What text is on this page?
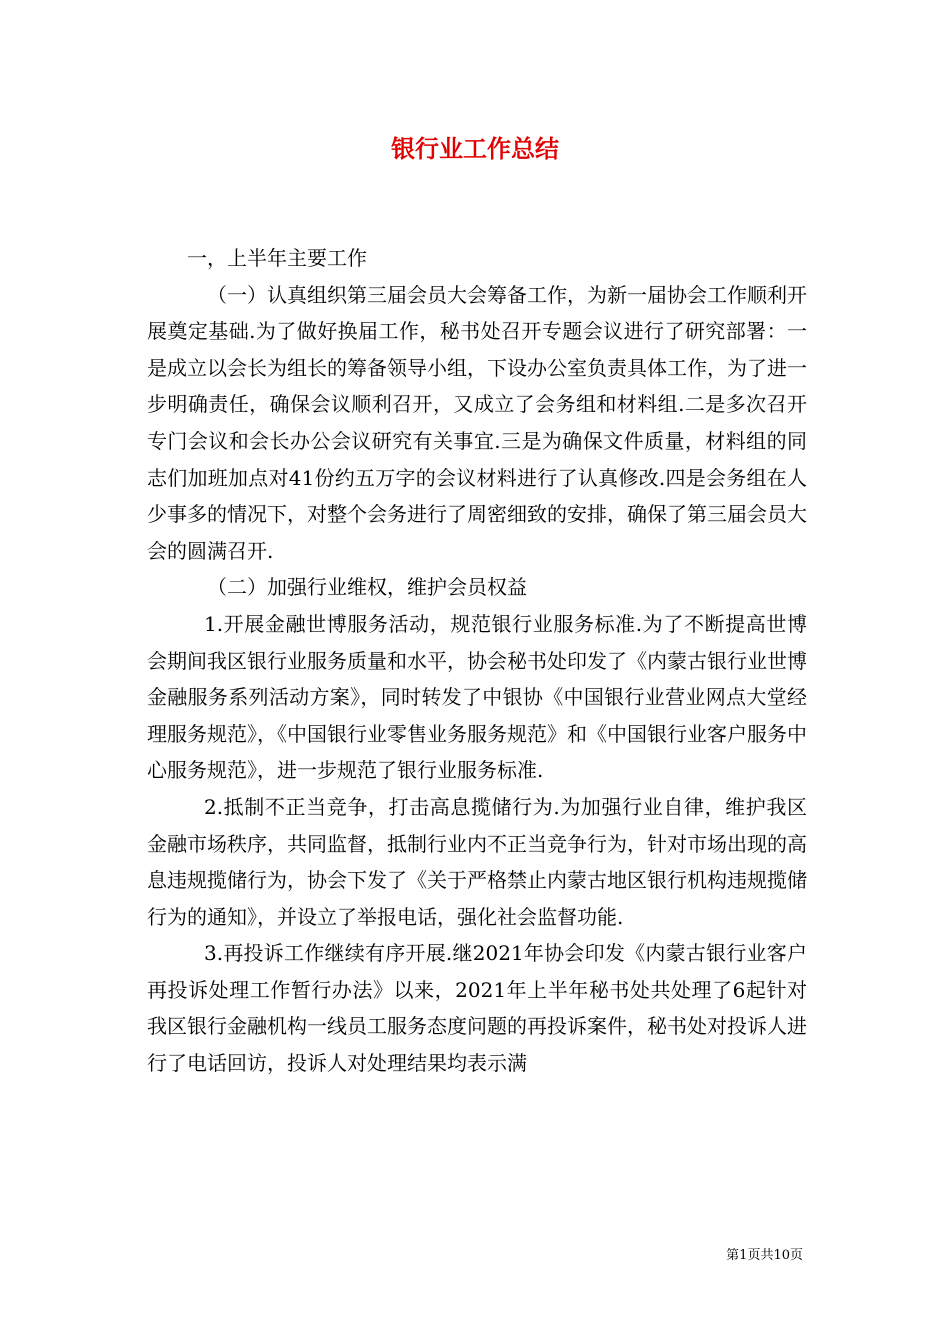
银行业工作总结

一，上半年主要工作

（一）认真组织第三届会员大会筹备工作，为新一届协会工作顺利开展奠定基础.为了做好换届工作，秘书处召开专题会议进行了研究部署：一是成立以会长为组长的筹备领导小组，下设办公室负责具体工作，为了进一步明确责任，确保会议顺利召开，又成立了会务组和材料组.二是多次召开专门会议和会长办公会议研究有关事宜.三是为确保文件质量，材料组的同志们加班加点对41份约五万字的会议材料进行了认真修改.四是会务组在人少事多的情况下，对整个会务进行了周密细致的安排，确保了第三届会员大会的圆满召开.

（二）加强行业维权，维护会员权益

1.开展金融世博服务活动，规范银行业服务标准.为了不断提高世博会期间我区银行业服务质量和水平，协会秘书处印发了《内蒙古银行业世博金融服务系列活动方案》，同时转发了中银协《中国银行业营业网点大堂经理服务规范》，《中国银行业零售业务服务规范》和《中国银行业客户服务中心服务规范》，进一步规范了银行业服务标准.

2.抵制不正当竞争，打击高息揽储行为.为加强行业自律，维护我区金融市场秩序，共同监督，抵制行业内不正当竞争行为，针对市场出现的高息违规揽储行为，协会下发了《关于严格禁止内蒙古地区银行机构违规揽储行为的通知》，并设立了举报电话，强化社会监督功能.

3.再投诉工作继续有序开展.继2021年协会印发《内蒙古银行业客户再投诉处理工作暂行办法》以来，2021年上半年秘书处共处理了6起针对我区银行金融机构一线员工服务态度问题的再投诉案件，秘书处对投诉人进行了电话回访，投诉人对处理结果均表示满

第1页共10页
